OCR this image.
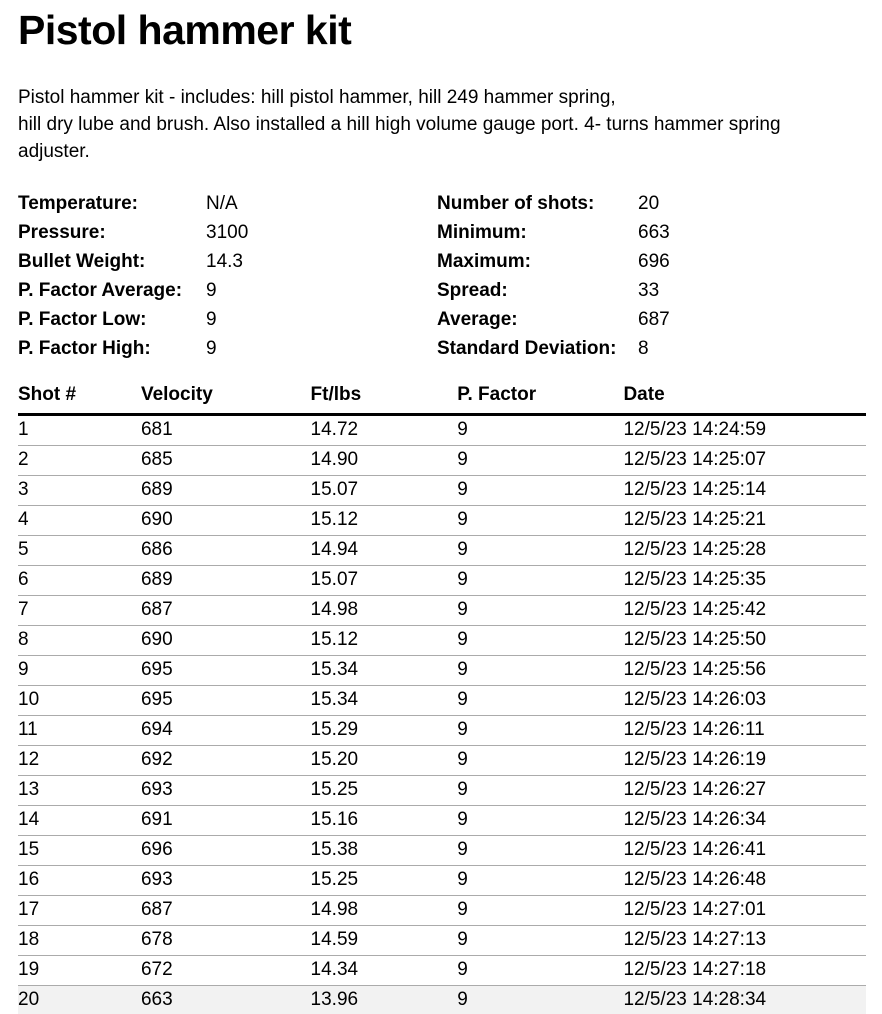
Pistol hammer kit
Pistol hammer kit - includes: hill pistol hammer, hill 249 hammer spring,
hill dry lube and brush. Also installed a hill high volume gauge port. 4- turns hammer spring
adjuster.
Temperature:	N/A
Pressure:	3100
Bullet Weight:	14.3
P. Factor Average:	9
P. Factor Low:	9
P. Factor High:	9
Number of shots:	20
Minimum:	663
Maximum:	696
Spread:	33
Average:	687
Standard Deviation:	8
Shot #	Velocity	Ft/lbs	P. Factor	Date
1	681	14.72	9	12/5/23 14:24:59
2	685	14.90	9	12/5/23 14:25:07
3	689	15.07	9	12/5/23 14:25:14
4	690	15.12	9	12/5/23 14:25:21
5	686	14.94	9	12/5/23 14:25:28
6	689	15.07	9	12/5/23 14:25:35
7	687	14.98	9	12/5/23 14:25:42
8	690	15.12	9	12/5/23 14:25:50
9	695	15.34	9	12/5/23 14:25:56
10	695	15.34	9	12/5/23 14:26:03
11	694	15.29	9	12/5/23 14:26:11
12	692	15.20	9	12/5/23 14:26:19
13	693	15.25	9	12/5/23 14:26:27
14	691	15.16	9	12/5/23 14:26:34
15	696	15.38	9	12/5/23 14:26:41
16	693	15.25	9	12/5/23 14:26:48
17	687	14.98	9	12/5/23 14:27:01
18	678	14.59	9	12/5/23 14:27:13
19	672	14.34	9	12/5/23 14:27:18
20	663	13.96	9	12/5/23 14:28:34
